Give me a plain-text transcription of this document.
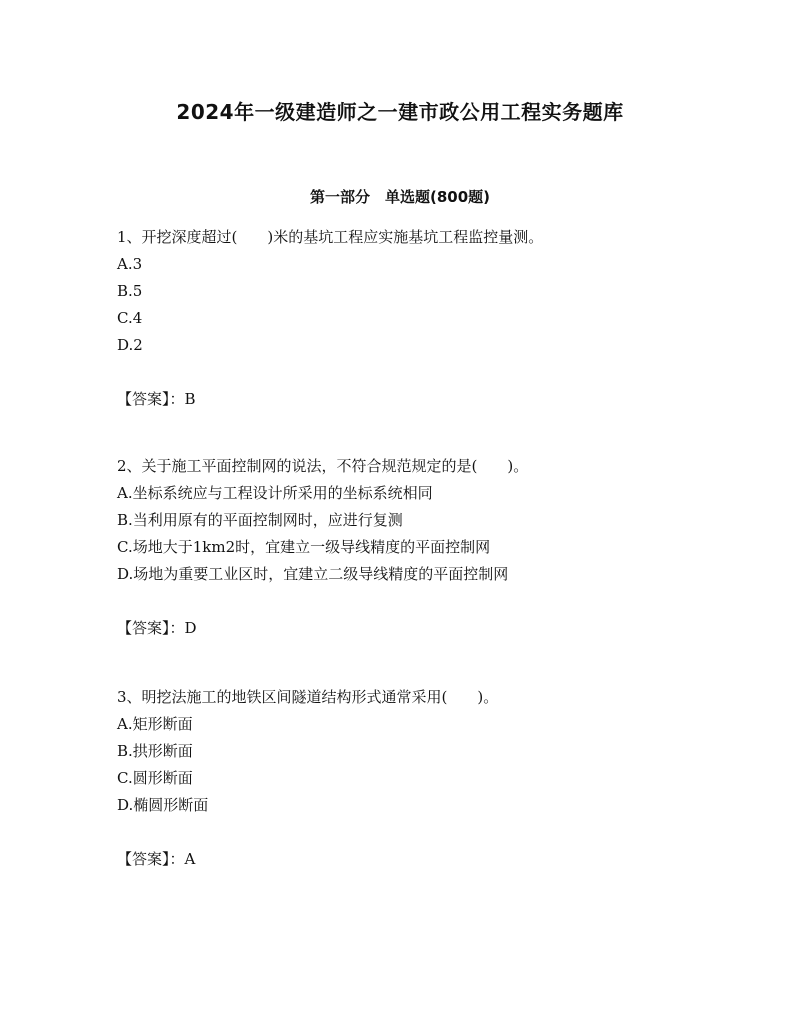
2024年一级建造师之一建市政公用工程实务题库
第一部分　单选题(800题)
1、开挖深度超过(　　)米的基坑工程应实施基坑工程监控量测。
A.3
B.5
C.4
D.2
【答案】：B
2、关于施工平面控制网的说法，不符合规范规定的是(　　)。
A.坐标系统应与工程设计所采用的坐标系统相同
B.当利用原有的平面控制网时，应进行复测
C.场地大于1km2时，宜建立一级导线精度的平面控制网
D.场地为重要工业区时，宜建立二级导线精度的平面控制网
【答案】：D
3、明挖法施工的地铁区间隧道结构形式通常采用(　　)。
A.矩形断面
B.拱形断面
C.圆形断面
D.椭圆形断面
【答案】：A
